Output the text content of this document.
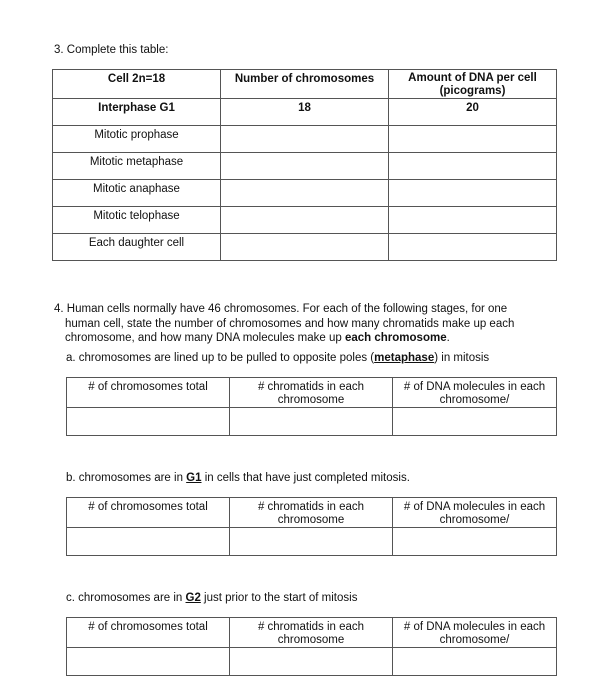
3. Complete this table:
Cell 2n=18	Number of chromosomes	Amount of DNA per cell (picograms)
Interphase G1	18	20
Mitotic prophase		
Mitotic metaphase		
Mitotic anaphase		
Mitotic telophase		
Each daughter cell		
4. Human cells normally have 46 chromosomes. For each of the following stages, for one
human cell, state the number of chromosomes and how many chromatids make up each
chromosome, and how many DNA molecules make up each chromosome.
a. chromosomes are lined up to be pulled to opposite poles (metaphase) in mitosis
# of chromosomes total	# chromatids in each chromosome	# of DNA molecules in each chromosome/

b. chromosomes are in G1 in cells that have just completed mitosis.
# of chromosomes total	# chromatids in each chromosome	# of DNA molecules in each chromosome/

c. chromosomes are in G2 just prior to the start of mitosis
# of chromosomes total	# chromatids in each chromosome	# of DNA molecules in each chromosome/
